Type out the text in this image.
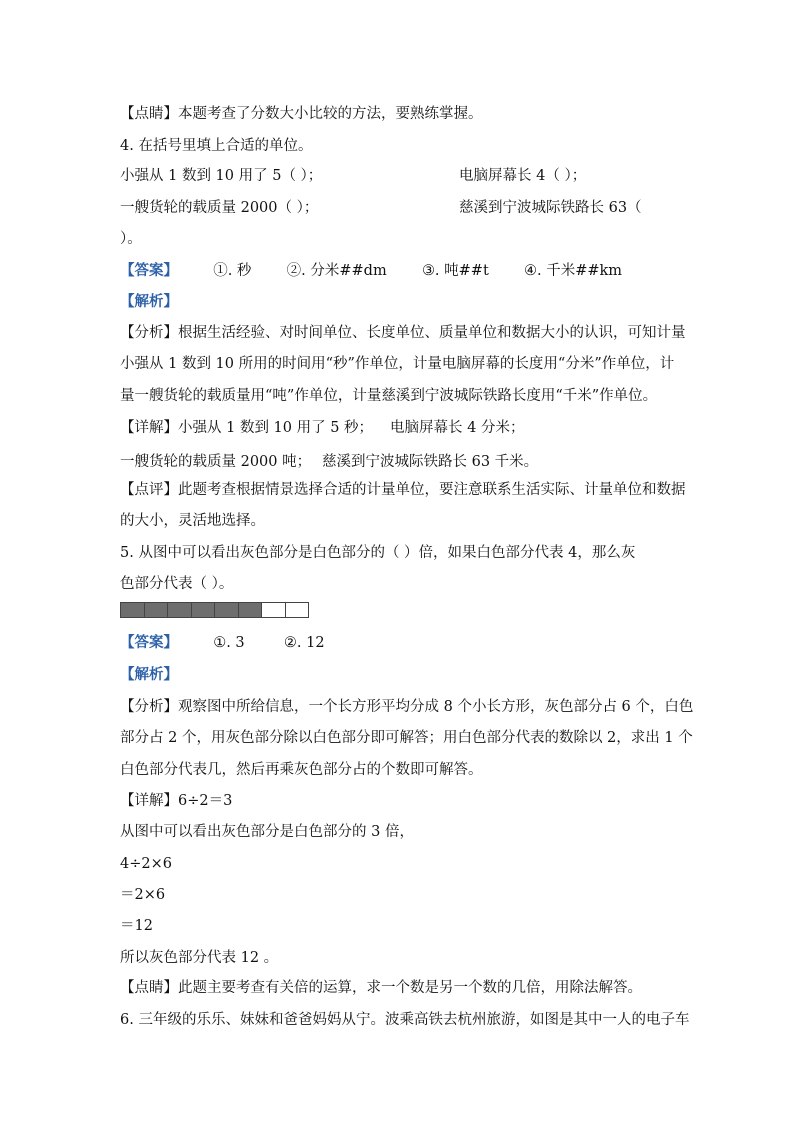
【点睛】本题考查了分数大小比较的方法，要熟练掌握。
4. 在括号里填上合适的单位。
小强从 1 数到 10 用了 5（ ）；	电脑屏幕长 4（ ）；
一艘货轮的载质量 2000（ ）；	慈溪到宁波城际铁路长 63（
）。
【答案】 ①. 秒 ②. 分米##dm ③. 吨##t ④. 千米##km
【解析】
【分析】根据生活经验、对时间单位、长度单位、质量单位和数据大小的认识，可知计量
小强从 1 数到 10 所用的时间用“秒”作单位，计量电脑屏幕的长度用“分米”作单位，计
量一艘货轮的载质量用“吨”作单位，计量慈溪到宁波城际铁路长度用“千米”作单位。
【详解】小强从 1 数到 10 用了 5 秒； 电脑屏幕长 4 分米；
一艘货轮的载质量 2000 吨； 慈溪到宁波城际铁路长 63 千米。
【点评】此题考查根据情景选择合适的计量单位，要注意联系生活实际、计量单位和数据
的大小，灵活地选择。
5. 从图中可以看出灰色部分是白色部分的（ ）倍，如果白色部分代表 4，那么灰
色部分代表（ ）。
【答案】 ①. 3	②. 12
【解析】
【分析】观察图中所给信息，一个长方形平均分成 8 个小长方形，灰色部分占 6 个，白色
部分占 2 个，用灰色部分除以白色部分即可解答；用白色部分代表的数除以 2，求出 1 个
白色部分代表几，然后再乘灰色部分占的个数即可解答。
【详解】6÷2＝3
从图中可以看出灰色部分是白色部分的 3 倍，
4÷2×6
＝2×6
＝12
所以灰色部分代表 12 。
【点睛】此题主要考查有关倍的运算，求一个数是另一个数的几倍，用除法解答。
6. 三年级的乐乐、妹妹和爸爸妈妈从宁。波乘高铁去杭州旅游，如图是其中一人的电子车
